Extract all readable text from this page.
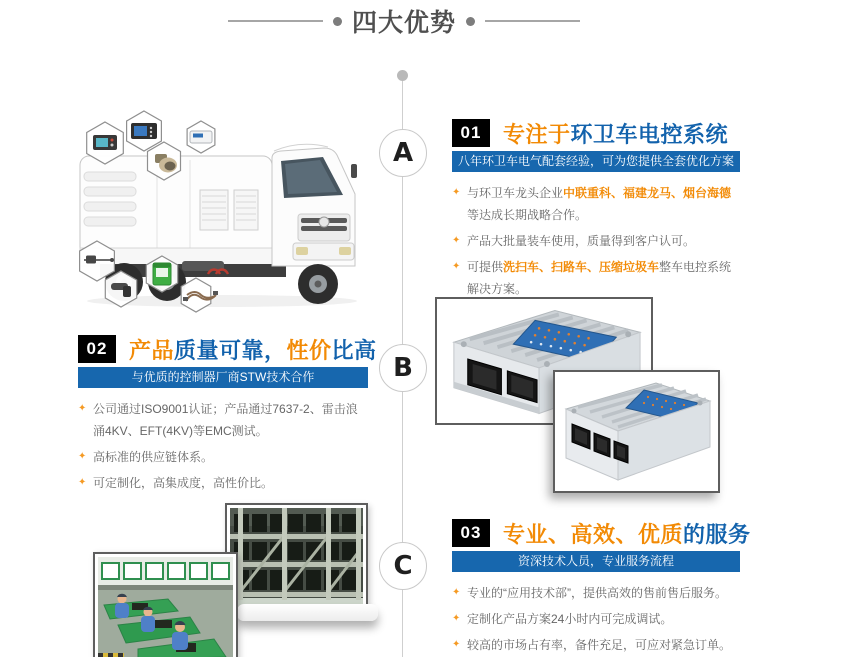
四大优势
A
B
C
01 专注于环卫车电控系统
八年环卫车电气配套经验，可为您提供全套优化方案
✦ 与环卫车龙头企业中联重科、福建龙马、烟台海德等达成长期战略合作。
✦ 产品大批量装车使用，质量得到客户认可。
✦ 可提供洗扫车、扫路车、压缩垃圾车整车电控系统解决方案。
02 产品质量可靠，性价比高
与优质的控制器厂商STW技术合作
✦ 公司通过ISO9001认证；产品通过7637-2、雷击浪涌4KV、EFT(4KV)等EMC测试。
✦ 高标准的供应链体系。
✦ 可定制化，高集成度，高性价比。
03 专业、高效、优质的服务
资深技术人员，专业服务流程
✦ 专业的“应用技术部”，提供高效的售前售后服务。
✦ 定制化产品方案24小时内可完成调试。
✦ 较高的市场占有率，备件充足，可应对紧急订单。
